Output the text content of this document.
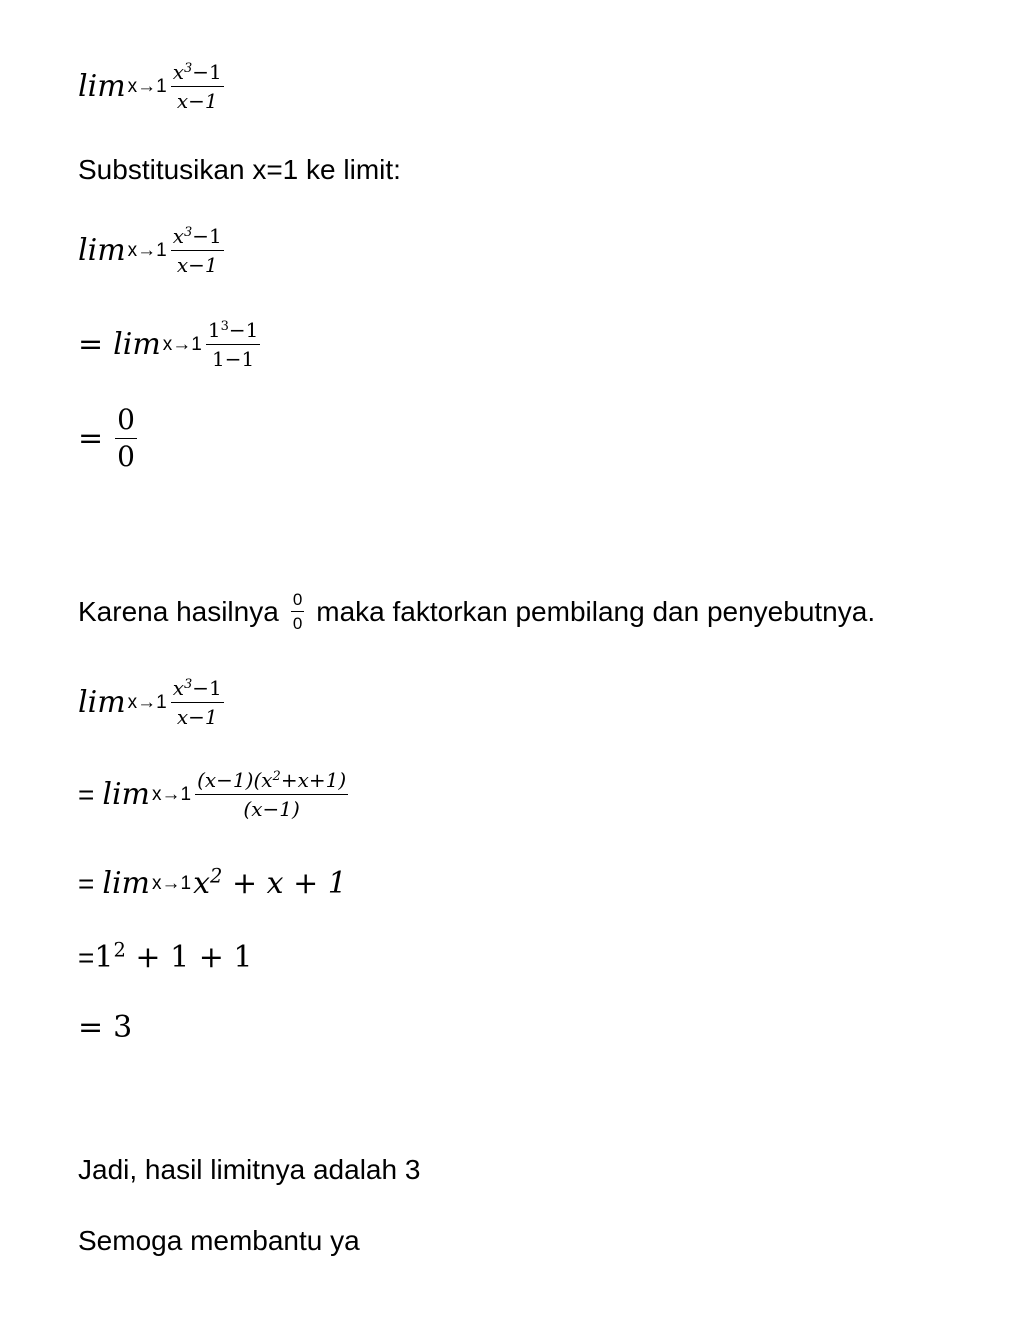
$\lim x\to 1 \frac{x^3-1}{x-1}$
Substitusikan x=1 ke limit:
$\lim x\to 1 \frac{x^3-1}{x-1}$
= $\lim x\to 1 \frac{1^3-1}{1-1}$
= $\frac{0}{0}$
Karena hasilnya $\frac{0}{0}$ maka faktorkan pembilang dan penyebutnya.
$\lim x\to 1 \frac{x^3-1}{x-1}$
= $\lim x\to 1 \frac{(x-1)(x^2+x+1)}{(x-1)}$
= lim x→1 $x^2 + x + 1$
= $1^2 + 1 + 1$
= 3
Jadi, hasil limitnya adalah 3
Semoga membantu ya
